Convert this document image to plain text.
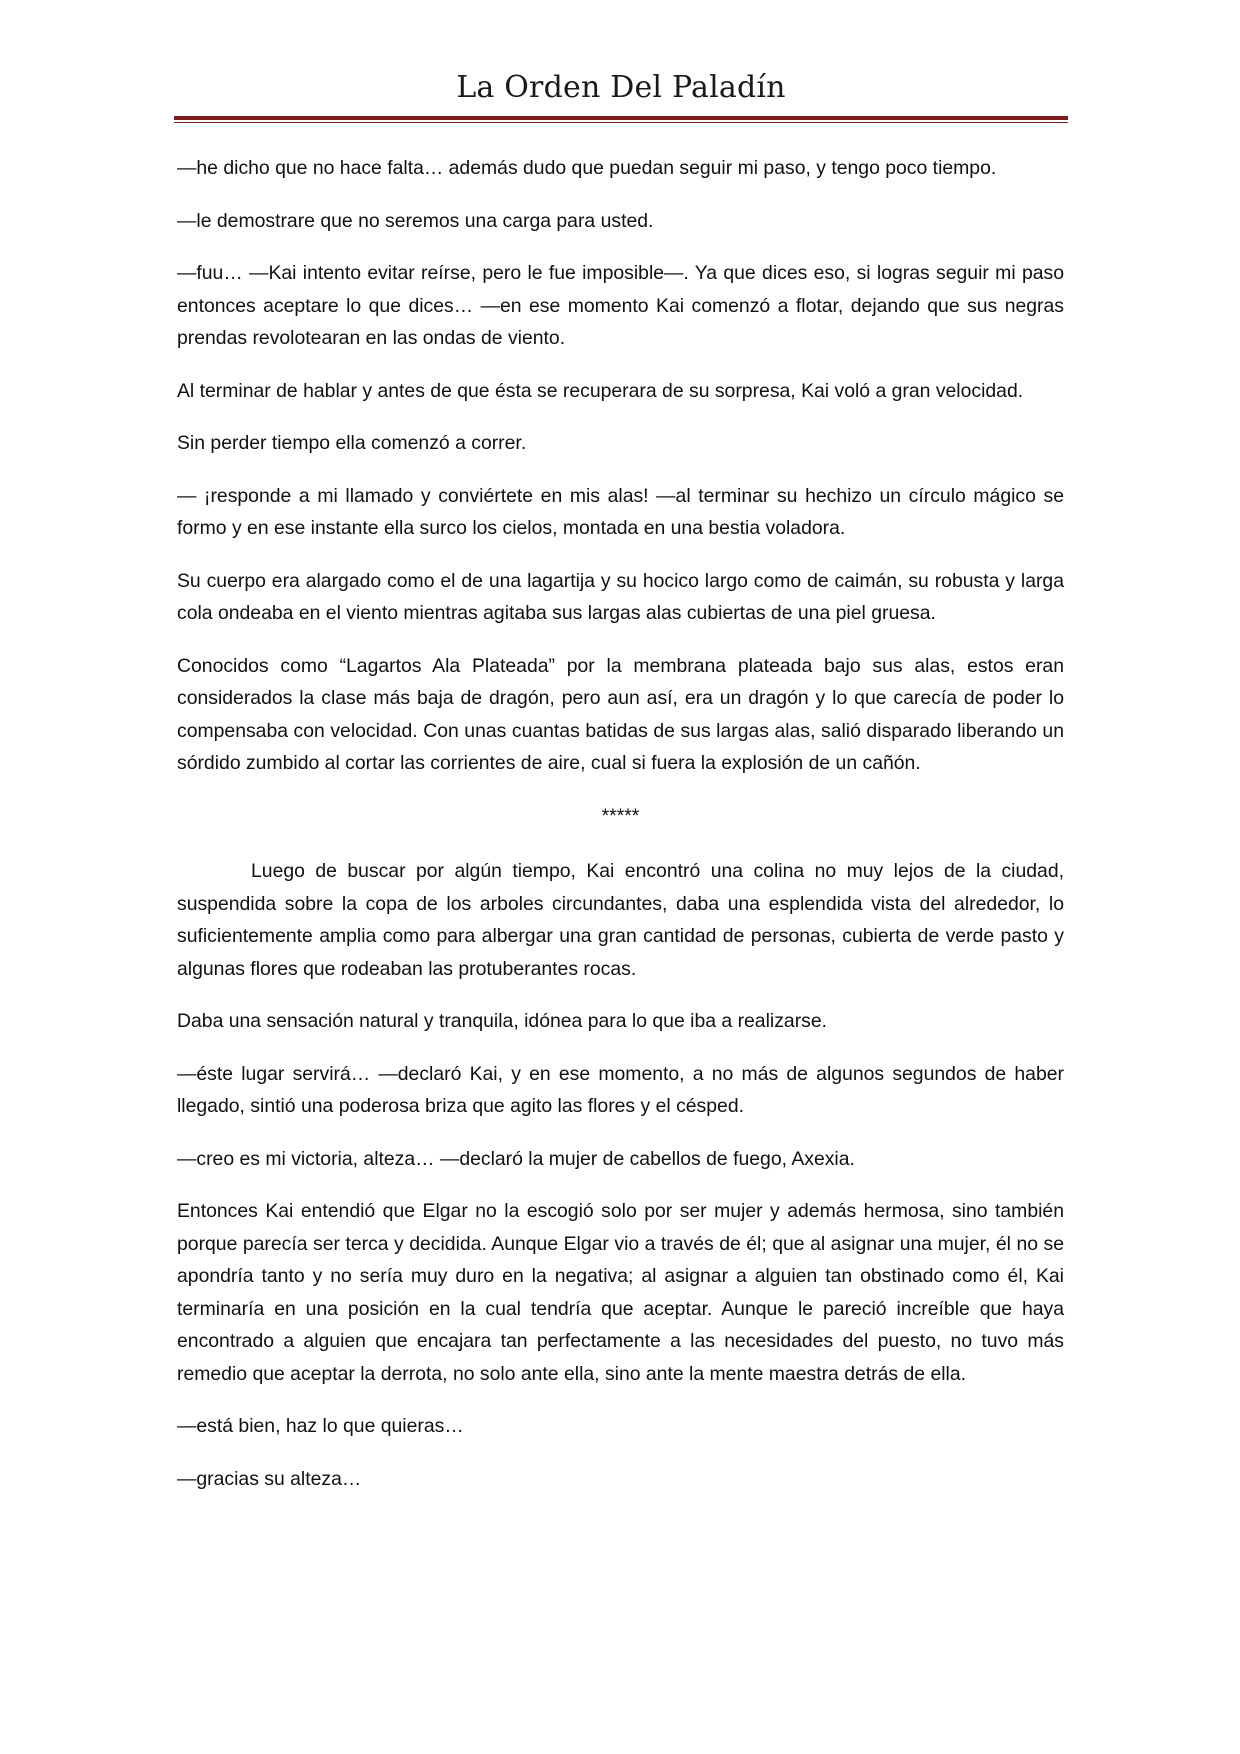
La Orden Del Paladín

—he dicho que no hace falta… además dudo que puedan seguir mi paso, y tengo poco tiempo.

—le demostrare que no seremos una carga para usted.

—fuu… —Kai intento evitar reírse, pero le fue imposible—. Ya que dices eso, si logras seguir mi paso entonces aceptare lo que dices… —en ese momento Kai comenzó a flotar, dejando que sus negras prendas revolotearan en las ondas de viento.

Al terminar de hablar y antes de que ésta se recuperara de su sorpresa, Kai voló a gran velocidad.

Sin perder tiempo ella comenzó a correr.

— ¡responde a mi llamado y conviértete en mis alas! —al terminar su hechizo un círculo mágico se formo y en ese instante ella surco los cielos, montada en una bestia voladora.

Su cuerpo era alargado como el de una lagartija y su hocico largo como de caimán, su robusta y larga cola ondeaba en el viento mientras agitaba sus largas alas cubiertas de una piel gruesa.

Conocidos como “Lagartos Ala Plateada” por la membrana plateada bajo sus alas, estos eran considerados la clase más baja de dragón, pero aun así, era un dragón y lo que carecía de poder lo compensaba con velocidad. Con unas cuantas batidas de sus largas alas, salió disparado liberando un sórdido zumbido al cortar las corrientes de aire, cual si fuera la explosión de un cañón.

*****

Luego de buscar por algún tiempo, Kai encontró una colina no muy lejos de la ciudad, suspendida sobre la copa de los arboles circundantes, daba una esplendida vista del alrededor, lo suficientemente amplia como para albergar una gran cantidad de personas, cubierta de verde pasto y algunas flores que rodeaban las protuberantes rocas.

Daba una sensación natural y tranquila, idónea para lo que iba a realizarse.

—éste lugar servirá… —declaró Kai, y en ese momento, a no más de algunos segundos de haber llegado, sintió una poderosa briza que agito las flores y el césped.

—creo es mi victoria, alteza… —declaró la mujer de cabellos de fuego, Axexia.

Entonces Kai entendió que Elgar no la escogió solo por ser mujer y además hermosa, sino también porque parecía ser terca y decidida. Aunque Elgar vio a través de él; que al asignar una mujer, él no se apondría tanto y no sería muy duro en la negativa; al asignar a alguien tan obstinado como él, Kai terminaría en una posición en la cual tendría que aceptar. Aunque le pareció increíble que haya encontrado a alguien que encajara tan perfectamente a las necesidades del puesto, no tuvo más remedio que aceptar la derrota, no solo ante ella, sino ante la mente maestra detrás de ella.

—está bien, haz lo que quieras…

—gracias su alteza…
